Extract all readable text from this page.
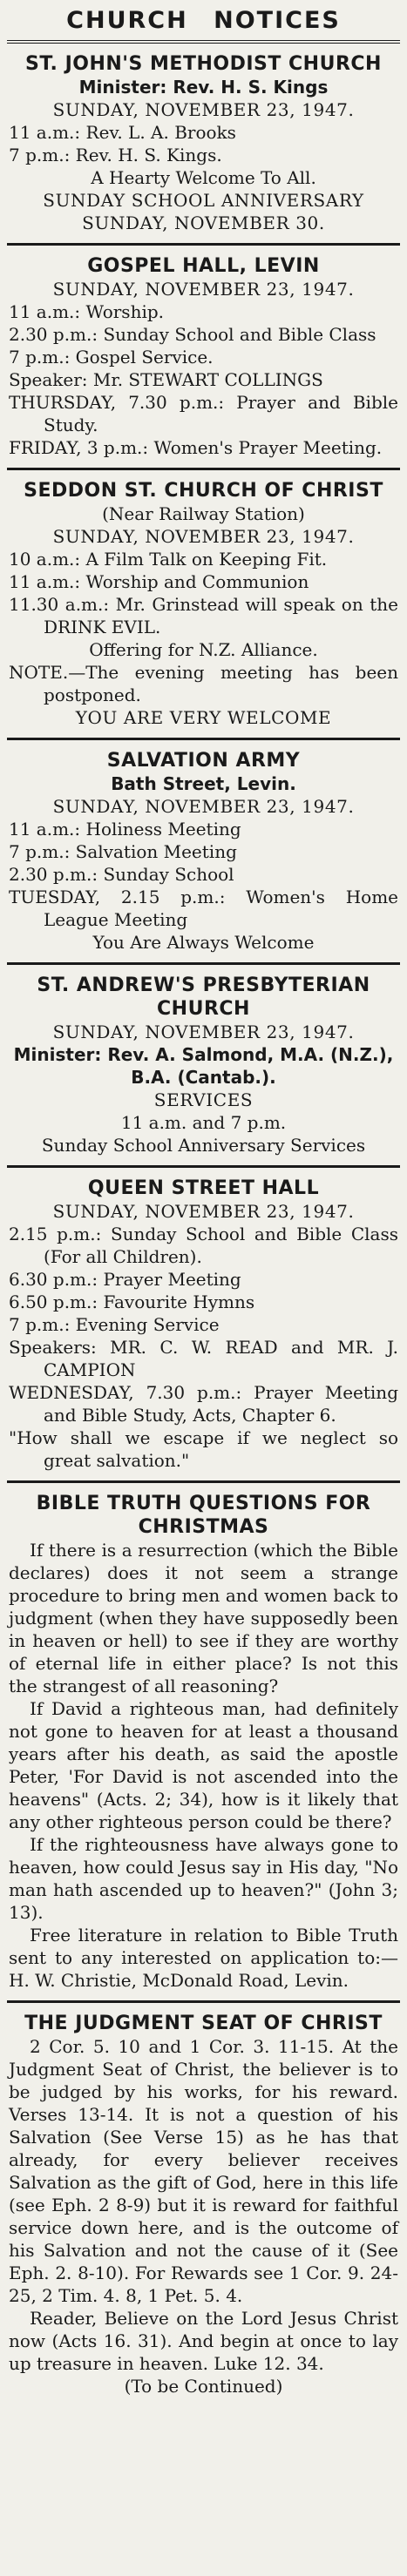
CHURCH NOTICES
ST. JOHN'S METHODIST CHURCH
Minister: Rev. H. S. Kings
SUNDAY, NOVEMBER 23, 1947.
11 a.m.: Rev. L. A. Brooks
7 p.m.: Rev. H. S. Kings.
A Hearty Welcome To All.
SUNDAY SCHOOL ANNIVERSARY
SUNDAY, NOVEMBER 30.
GOSPEL HALL, LEVIN
SUNDAY, NOVEMBER 23, 1947.
11 a.m.: Worship.
2.30 p.m.: Sunday School and Bible Class
7 p.m.: Gospel Service.
Speaker: Mr. STEWART COLLINGS
THURSDAY, 7.30 p.m.: Prayer and Bible Study.
FRIDAY, 3 p.m.: Women's Prayer Meeting.
SEDDON ST. CHURCH OF CHRIST
(Near Railway Station)
SUNDAY, NOVEMBER 23, 1947.
10 a.m.: A Film Talk on Keeping Fit.
11 a.m.: Worship and Communion
11.30 a.m.: Mr. Grinstead will speak on the DRINK EVIL.
Offering for N.Z. Alliance.
NOTE.—The evening meeting has been postponed.
YOU ARE VERY WELCOME
SALVATION ARMY
Bath Street, Levin.
SUNDAY, NOVEMBER 23, 1947.
11 a.m.: Holiness Meeting
7 p.m.: Salvation Meeting
2.30 p.m.: Sunday School
TUESDAY, 2.15 p.m.: Women's Home League Meeting
You Are Always Welcome
ST. ANDREW'S PRESBYTERIAN CHURCH
SUNDAY, NOVEMBER 23, 1947.
Minister: Rev. A. Salmond, M.A. (N.Z.), B.A. (Cantab.).
SERVICES
11 a.m. and 7 p.m.
Sunday School Anniversary Services
QUEEN STREET HALL
SUNDAY, NOVEMBER 23, 1947.
2.15 p.m.: Sunday School and Bible Class (For all Children).
6.30 p.m.: Prayer Meeting
6.50 p.m.: Favourite Hymns
7 p.m.: Evening Service
Speakers: MR. C. W. READ and MR. J. CAMPION
WEDNESDAY, 7.30 p.m.: Prayer Meeting and Bible Study, Acts, Chapter 6.
"How shall we escape if we neglect so great salvation."
BIBLE TRUTH QUESTIONS FOR CHRISTMAS
If there is a resurrection (which the Bible declares) does it not seem a strange procedure to bring men and women back to judgment (when they have supposedly been in heaven or hell) to see if they are worthy of eternal life in either place? Is not this the strangest of all reasoning?
If David a righteous man, had definitely not gone to heaven for at least a thousand years after his death, as said the apostle Peter, 'For David is not ascended into the heavens" (Acts. 2; 34), how is it likely that any other righteous person could be there?
If the righteousness have always gone to heaven, how could Jesus say in His day, "No man hath ascended up to heaven?" (John 3; 13).
Free literature in relation to Bible Truth sent to any interested on application to:—H. W. Christie, McDonald Road, Levin.
THE JUDGMENT SEAT OF CHRIST
2 Cor. 5. 10 and 1 Cor. 3. 11-15. At the Judgment Seat of Christ, the believer is to be judged by his works, for his reward. Verses 13-14. It is not a question of his Salvation (See Verse 15) as he has that already, for every believer receives Salvation as the gift of God, here in this life (see Eph. 2 8-9) but it is reward for faithful service down here, and is the outcome of his Salvation and not the cause of it (See Eph. 2. 8-10). For Rewards see 1 Cor. 9. 24-25, 2 Tim. 4. 8, 1 Pet. 5. 4.
Reader, Believe on the Lord Jesus Christ now (Acts 16. 31). And begin at once to lay up treasure in heaven. Luke 12. 34.
(To be Continued)
